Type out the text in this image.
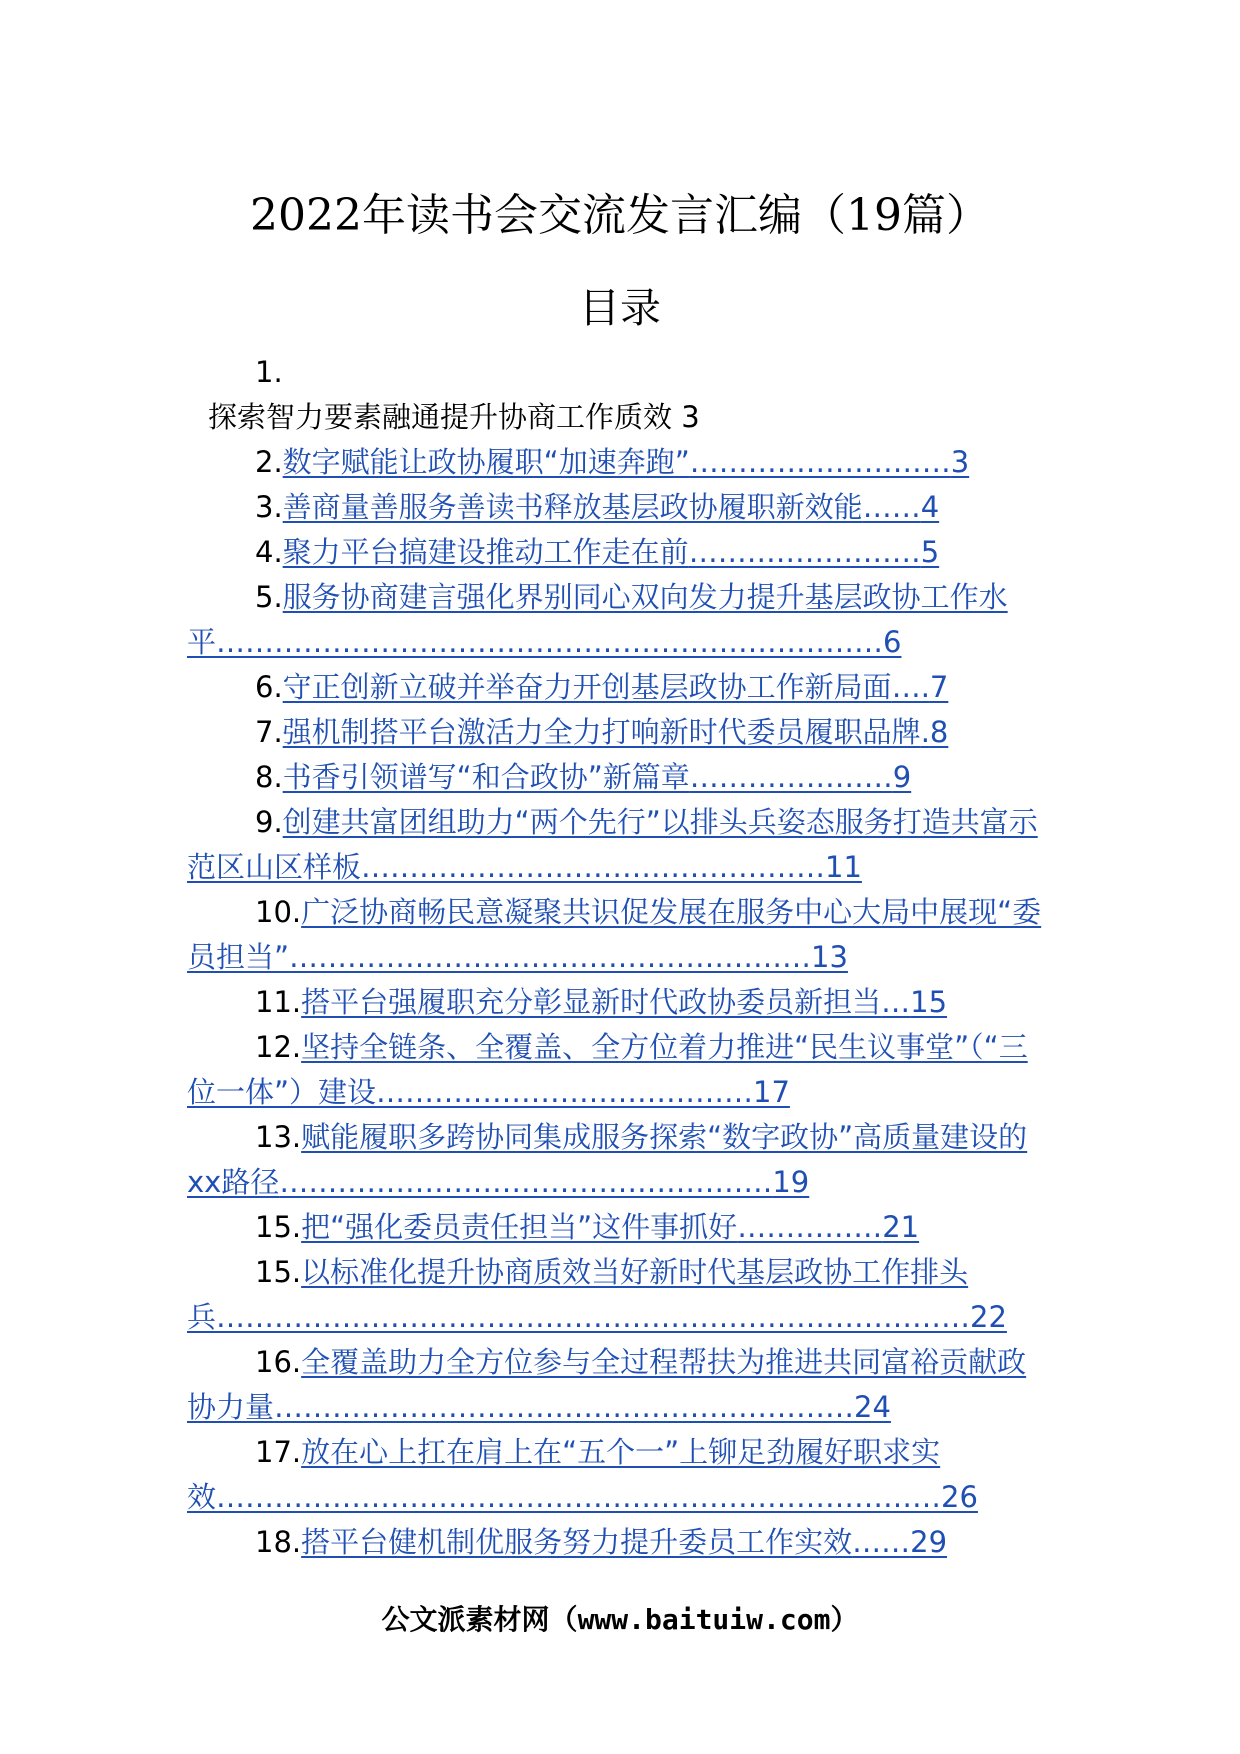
2022年读书会交流发言汇编（19篇）
目录
1.
探索智力要素融通提升协商工作质效 3

2.数字赋能让政协履职“加速奔跑”………………………3

3.善商量善服务善读书释放基层政协履职新效能……4

4.聚力平台搞建设推动工作走在前……………………5

5.服务协商建言强化界别同心双向发力提升基层政协工作水平……………………………………………………………6

6.守正创新立破并举奋力开创基层政协工作新局面….7

7.强机制搭平台激活力全力打响新时代委员履职品牌.8

8.书香引领谱写“和合政协”新篇章…………………9

9.创建共富团组助力“两个先行”以排头兵姿态服务打造共富示范区山区样板…………………………………………11

10.广泛协商畅民意凝聚共识促发展在服务中心大局中展现“委员担当”………………………………………………13

11.搭平台强履职充分彰显新时代政协委员新担当…15

12.坚持全链条、全覆盖、全方位着力推进“民生议事堂”（“三位一体”）建设…………………………………17

13.赋能履职多跨协同集成服务探索“数字政协”高质量建设的xx路径……………………………………………19

15.把“强化委员责任担当”这件事抓好……………21

15.以标准化提升协商质效当好新时代基层政协工作排头兵……………………………………………………………………22

16.全覆盖助力全方位参与全过程帮扶为推进共同富裕贡献政协力量……………………………………………………24

17.放在心上扛在肩上在“五个一”上铆足劲履好职求实效…………………………………………………………………26

18.搭平台健机制优服务努力提升委员工作实效……29

公文派素材网（www.baituiw.com）
